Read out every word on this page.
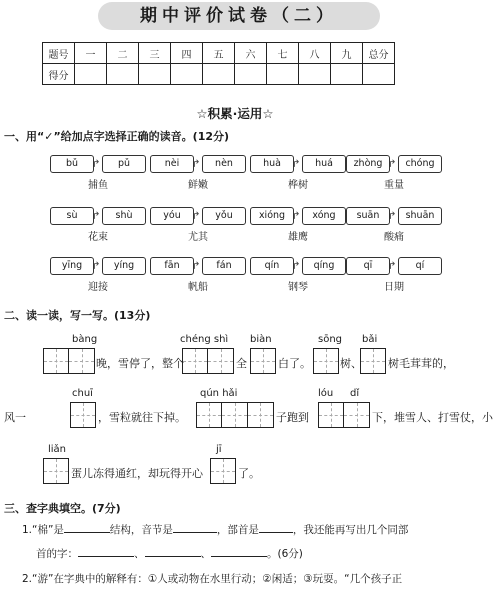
期中评价试卷（二）
题号	一	二	三	四	五	六	七	八	九	总分
得分										
☆积累·运用☆
一、用“✓”给加点字选择正确的读音。(12分)
bǔ	↱	pǔ
捕鱼
nèi	↱	nèn
鲜嫩
huà	↱	huá
桦树
zhòng ↱ chóng
重量
sù	↱	shù
花束
yóu	↱	yǒu
尤其
xióng ↱	xóng
雄鹰
suān ↱ shuān
酸痛
yīng ↱	yíng
迎接
fān	↱	fán
帆船
qín	↱	qíng
钢琴
qī	↱	qí
日期
二、读一读，写一写。(13分)
bàng	chéng shì biàn	sōng bǎi
晚，雪停了，整个	全	白了。	树、 树毛茸茸的，
chuī	qún hǎi	lóu dǐ
风一	，雪粒就往下掉。	子跑到	下，堆雪人、打雪仗，小
liǎn	jī
蛋儿冻得通红，却玩得开心	了。
三、查字典填空。(7分)
1.“棉”是	结构，音节是	，部首是	，我还能再写出几个同部
首的字：	、	、	。(6分)
2.“游”在字典中的解释有：①人或动物在水里行动；②闲适；③玩耍。“几个孩子正
